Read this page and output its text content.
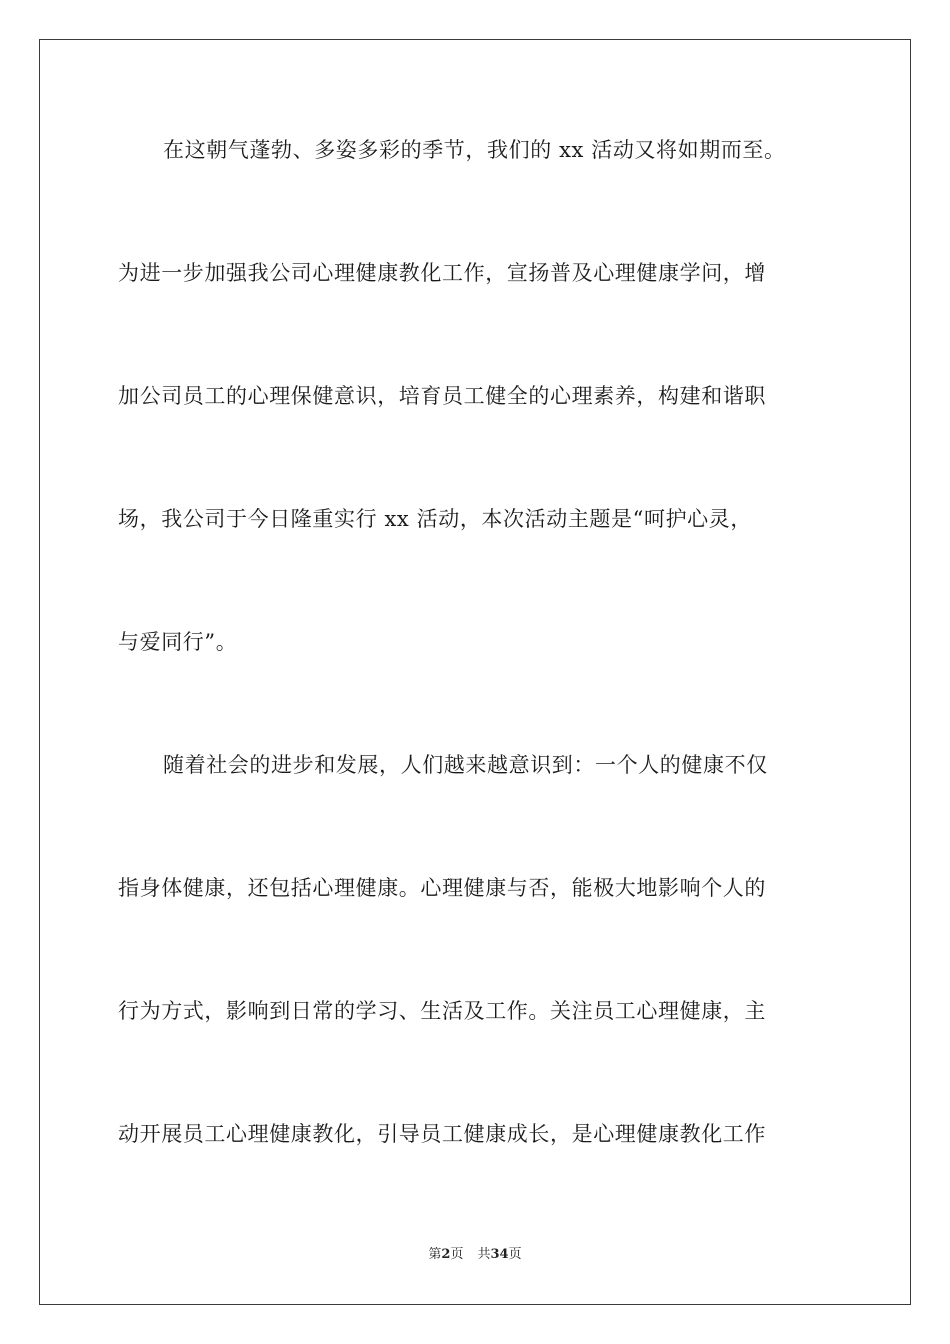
在这朝气蓬勃、多姿多彩的季节，我们的 xx 活动又将如期而至。
为进一步加强我公司心理健康教化工作，宣扬普及心理健康学问，增
加公司员工的心理保健意识，培育员工健全的心理素养，构建和谐职
场，我公司于今日隆重实行 xx 活动，本次活动主题是“呵护心灵，
与爱同行”。
随着社会的进步和发展，人们越来越意识到：一个人的健康不仅
指身体健康，还包括心理健康。心理健康与否，能极大地影响个人的
行为方式，影响到日常的学习、生活及工作。关注员工心理健康，主
动开展员工心理健康教化，引导员工健康成长，是心理健康教化工作
第2页 共34页
